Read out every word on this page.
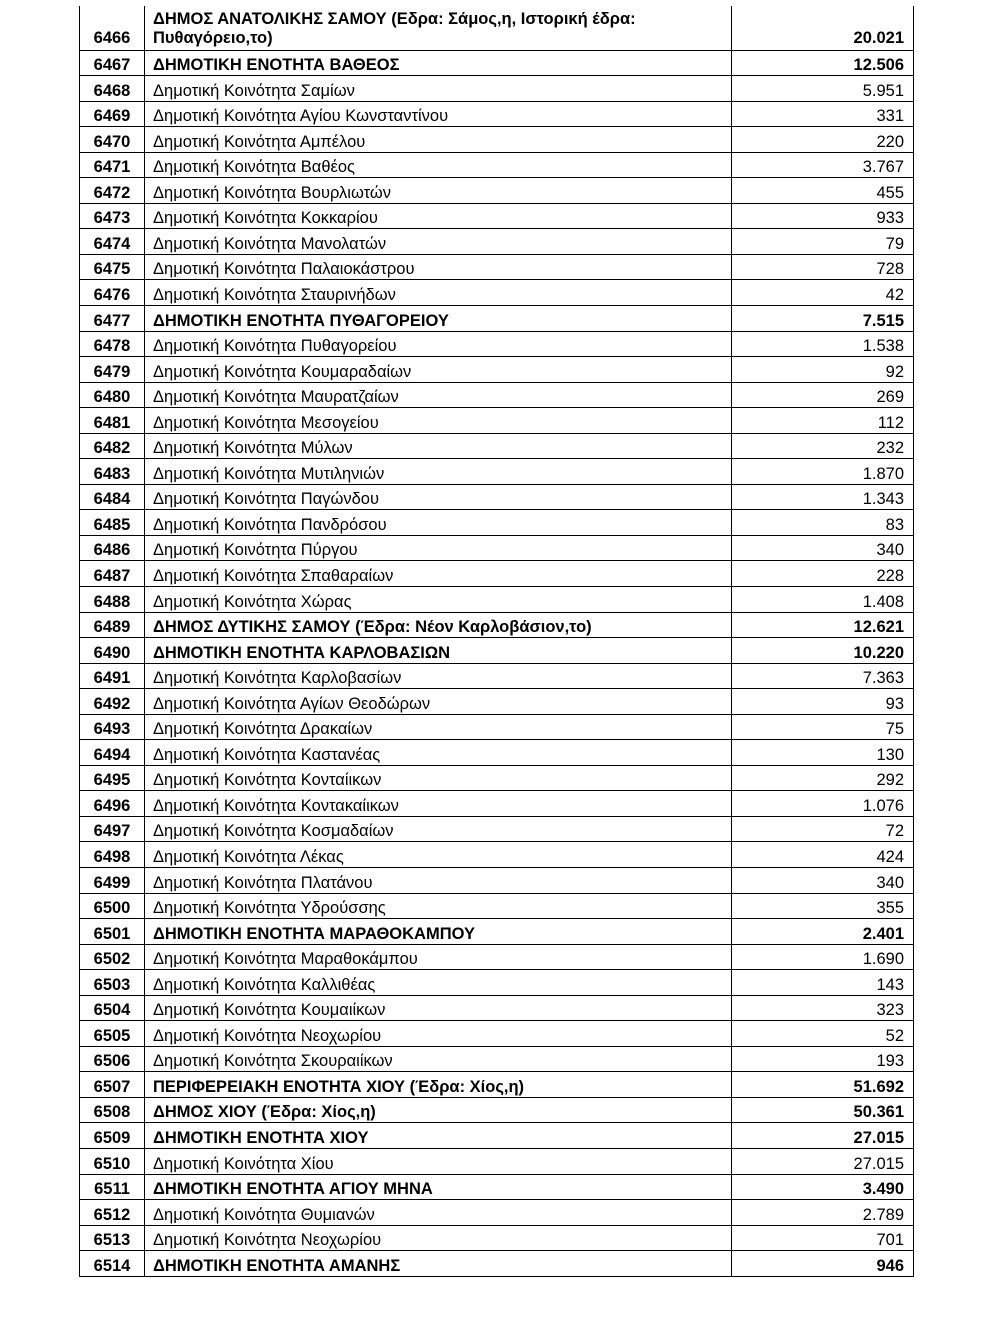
6466	ΔΗΜΟΣ ΑΝΑΤΟΛΙΚΗΣ ΣΑΜΟΥ (Εδρα: Σάμος,η, Ιστορική έδρα: Πυθαγόρειο,το)	20.021
6467	ΔΗΜΟΤΙΚΗ ΕΝΟΤΗΤΑ ΒΑΘΕΟΣ	12.506
6468	Δημοτική Κοινότητα Σαμίων	5.951
6469	Δημοτική Κοινότητα Αγίου Κωνσταντίνου	331
6470	Δημοτική Κοινότητα Αμπέλου	220
6471	Δημοτική Κοινότητα Βαθέος	3.767
6472	Δημοτική Κοινότητα Βουρλιωτών	455
6473	Δημοτική Κοινότητα Κοκκαρίου	933
6474	Δημοτική Κοινότητα Μανολατών	79
6475	Δημοτική Κοινότητα Παλαιοκάστρου	728
6476	Δημοτική Κοινότητα Σταυρινήδων	42
6477	ΔΗΜΟΤΙΚΗ ΕΝΟΤΗΤΑ ΠΥΘΑΓΟΡΕΙΟΥ	7.515
6478	Δημοτική Κοινότητα Πυθαγορείου	1.538
6479	Δημοτική Κοινότητα Κουμαραδαίων	92
6480	Δημοτική Κοινότητα Μαυρατζαίων	269
6481	Δημοτική Κοινότητα Μεσογείου	112
6482	Δημοτική Κοινότητα Μύλων	232
6483	Δημοτική Κοινότητα Μυτιληνιών	1.870
6484	Δημοτική Κοινότητα Παγώνδου	1.343
6485	Δημοτική Κοινότητα Πανδρόσου	83
6486	Δημοτική Κοινότητα Πύργου	340
6487	Δημοτική Κοινότητα Σπαθαραίων	228
6488	Δημοτική Κοινότητα Χώρας	1.408
6489	ΔΗΜΟΣ ΔΥΤΙΚΗΣ ΣΑΜΟΥ (Έδρα: Νέον Καρλοβάσιον,το)	12.621
6490	ΔΗΜΟΤΙΚΗ ΕΝΟΤΗΤΑ ΚΑΡΛΟΒΑΣΙΩΝ	10.220
6491	Δημοτική Κοινότητα Καρλοβασίων	7.363
6492	Δημοτική Κοινότητα Αγίων Θεοδώρων	93
6493	Δημοτική Κοινότητα Δρακαίων	75
6494	Δημοτική Κοινότητα Καστανέας	130
6495	Δημοτική Κοινότητα Κονταίικων	292
6496	Δημοτική Κοινότητα Κοντακαίικων	1.076
6497	Δημοτική Κοινότητα Κοσμαδαίων	72
6498	Δημοτική Κοινότητα Λέκας	424
6499	Δημοτική Κοινότητα Πλατάνου	340
6500	Δημοτική Κοινότητα Υδρούσσης	355
6501	ΔΗΜΟΤΙΚΗ ΕΝΟΤΗΤΑ ΜΑΡΑΘΟΚΑΜΠΟΥ	2.401
6502	Δημοτική Κοινότητα Μαραθοκάμπου	1.690
6503	Δημοτική Κοινότητα Καλλιθέας	143
6504	Δημοτική Κοινότητα Κουμαιίκων	323
6505	Δημοτική Κοινότητα Νεοχωρίου	52
6506	Δημοτική Κοινότητα Σκουραιίκων	193
6507	ΠΕΡΙΦΕΡΕΙΑΚΗ ΕΝΟΤΗΤΑ ΧΙΟΥ (Έδρα: Χίος,η)	51.692
6508	ΔΗΜΟΣ ΧΙΟΥ (Έδρα: Χίος,η)	50.361
6509	ΔΗΜΟΤΙΚΗ ΕΝΟΤΗΤΑ ΧΙΟΥ	27.015
6510	Δημοτική Κοινότητα Χίου	27.015
6511	ΔΗΜΟΤΙΚΗ ΕΝΟΤΗΤΑ ΑΓΙΟΥ ΜΗΝΑ	3.490
6512	Δημοτική Κοινότητα Θυμιανών	2.789
6513	Δημοτική Κοινότητα Νεοχωρίου	701
6514	ΔΗΜΟΤΙΚΗ ΕΝΟΤΗΤΑ ΑΜΑΝΗΣ	946
